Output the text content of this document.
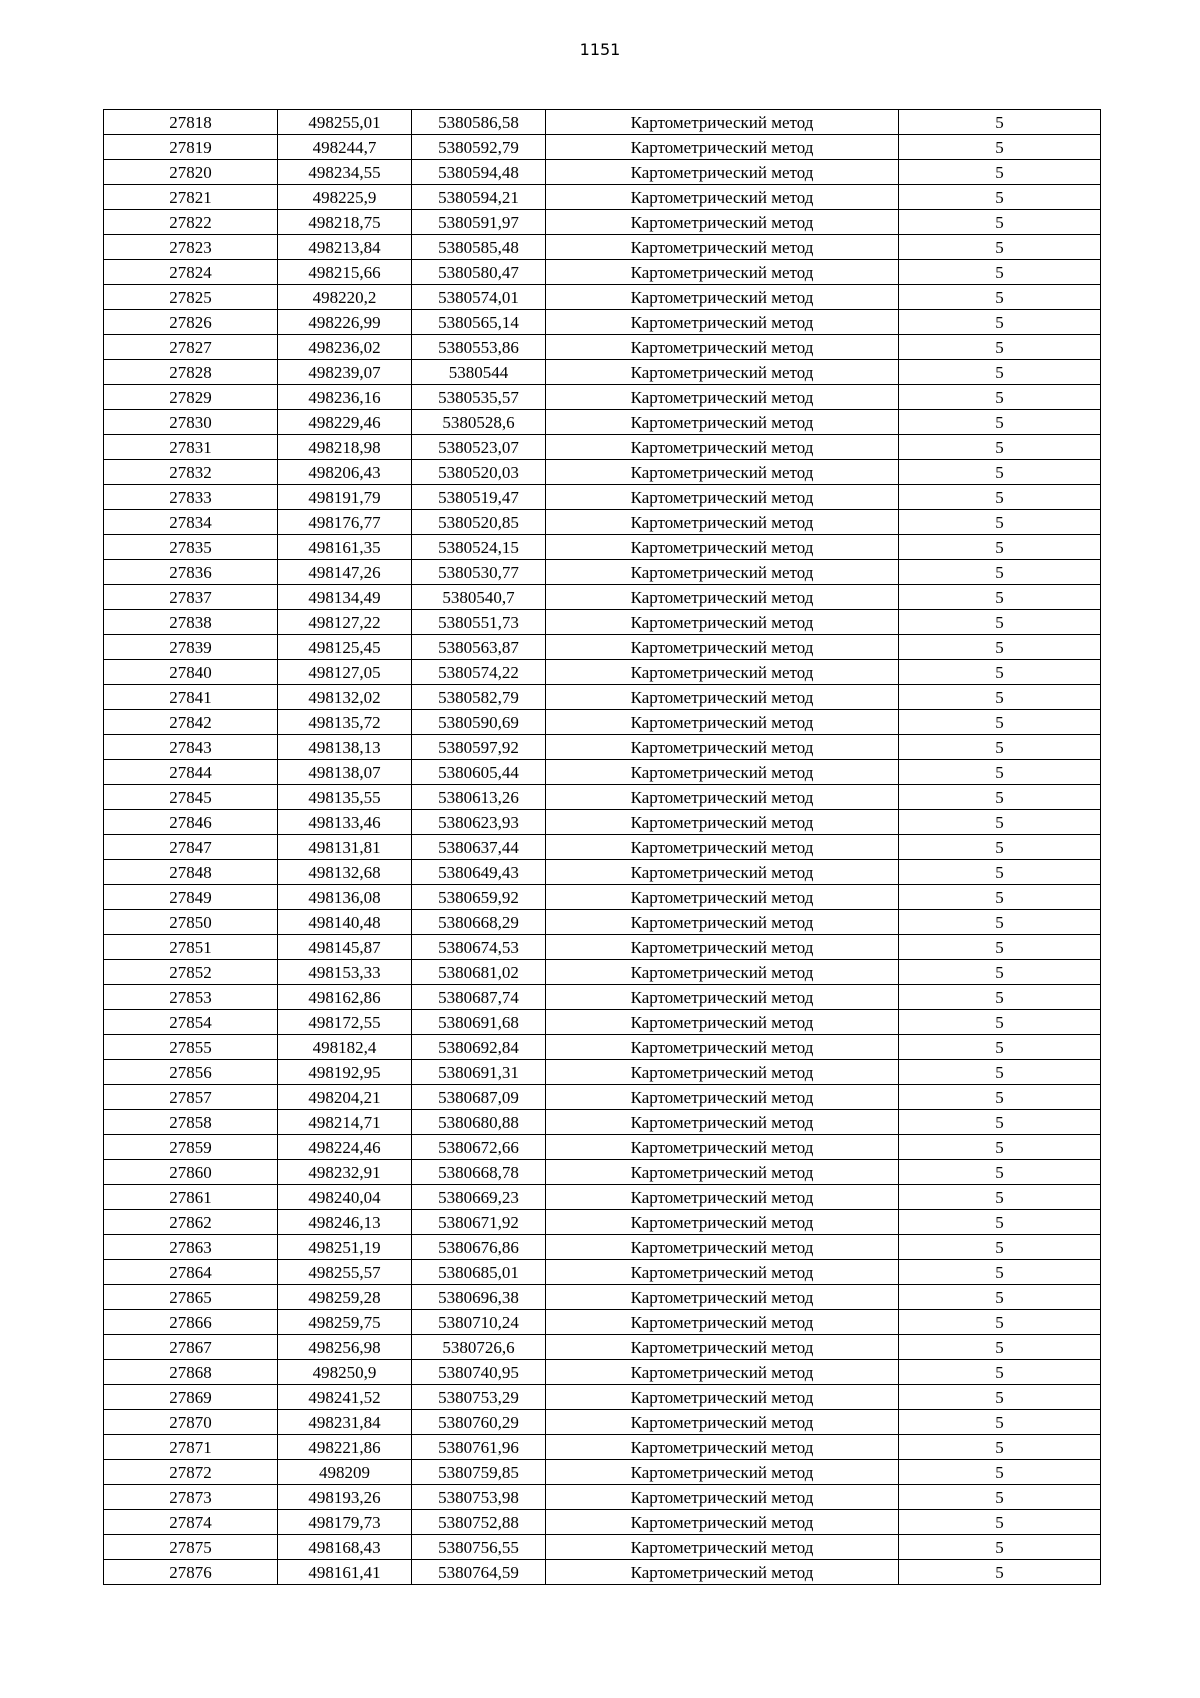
1151
27818	498255,01	5380586,58	Картометрический метод	5
27819	498244,7	5380592,79	Картометрический метод	5
27820	498234,55	5380594,48	Картометрический метод	5
27821	498225,9	5380594,21	Картометрический метод	5
27822	498218,75	5380591,97	Картометрический метод	5
27823	498213,84	5380585,48	Картометрический метод	5
27824	498215,66	5380580,47	Картометрический метод	5
27825	498220,2	5380574,01	Картометрический метод	5
27826	498226,99	5380565,14	Картометрический метод	5
27827	498236,02	5380553,86	Картометрический метод	5
27828	498239,07	5380544	Картометрический метод	5
27829	498236,16	5380535,57	Картометрический метод	5
27830	498229,46	5380528,6	Картометрический метод	5
27831	498218,98	5380523,07	Картометрический метод	5
27832	498206,43	5380520,03	Картометрический метод	5
27833	498191,79	5380519,47	Картометрический метод	5
27834	498176,77	5380520,85	Картометрический метод	5
27835	498161,35	5380524,15	Картометрический метод	5
27836	498147,26	5380530,77	Картометрический метод	5
27837	498134,49	5380540,7	Картометрический метод	5
27838	498127,22	5380551,73	Картометрический метод	5
27839	498125,45	5380563,87	Картометрический метод	5
27840	498127,05	5380574,22	Картометрический метод	5
27841	498132,02	5380582,79	Картометрический метод	5
27842	498135,72	5380590,69	Картометрический метод	5
27843	498138,13	5380597,92	Картометрический метод	5
27844	498138,07	5380605,44	Картометрический метод	5
27845	498135,55	5380613,26	Картометрический метод	5
27846	498133,46	5380623,93	Картометрический метод	5
27847	498131,81	5380637,44	Картометрический метод	5
27848	498132,68	5380649,43	Картометрический метод	5
27849	498136,08	5380659,92	Картометрический метод	5
27850	498140,48	5380668,29	Картометрический метод	5
27851	498145,87	5380674,53	Картометрический метод	5
27852	498153,33	5380681,02	Картометрический метод	5
27853	498162,86	5380687,74	Картометрический метод	5
27854	498172,55	5380691,68	Картометрический метод	5
27855	498182,4	5380692,84	Картометрический метод	5
27856	498192,95	5380691,31	Картометрический метод	5
27857	498204,21	5380687,09	Картометрический метод	5
27858	498214,71	5380680,88	Картометрический метод	5
27859	498224,46	5380672,66	Картометрический метод	5
27860	498232,91	5380668,78	Картометрический метод	5
27861	498240,04	5380669,23	Картометрический метод	5
27862	498246,13	5380671,92	Картометрический метод	5
27863	498251,19	5380676,86	Картометрический метод	5
27864	498255,57	5380685,01	Картометрический метод	5
27865	498259,28	5380696,38	Картометрический метод	5
27866	498259,75	5380710,24	Картометрический метод	5
27867	498256,98	5380726,6	Картометрический метод	5
27868	498250,9	5380740,95	Картометрический метод	5
27869	498241,52	5380753,29	Картометрический метод	5
27870	498231,84	5380760,29	Картометрический метод	5
27871	498221,86	5380761,96	Картометрический метод	5
27872	498209	5380759,85	Картометрический метод	5
27873	498193,26	5380753,98	Картометрический метод	5
27874	498179,73	5380752,88	Картометрический метод	5
27875	498168,43	5380756,55	Картометрический метод	5
27876	498161,41	5380764,59	Картометрический метод	5
